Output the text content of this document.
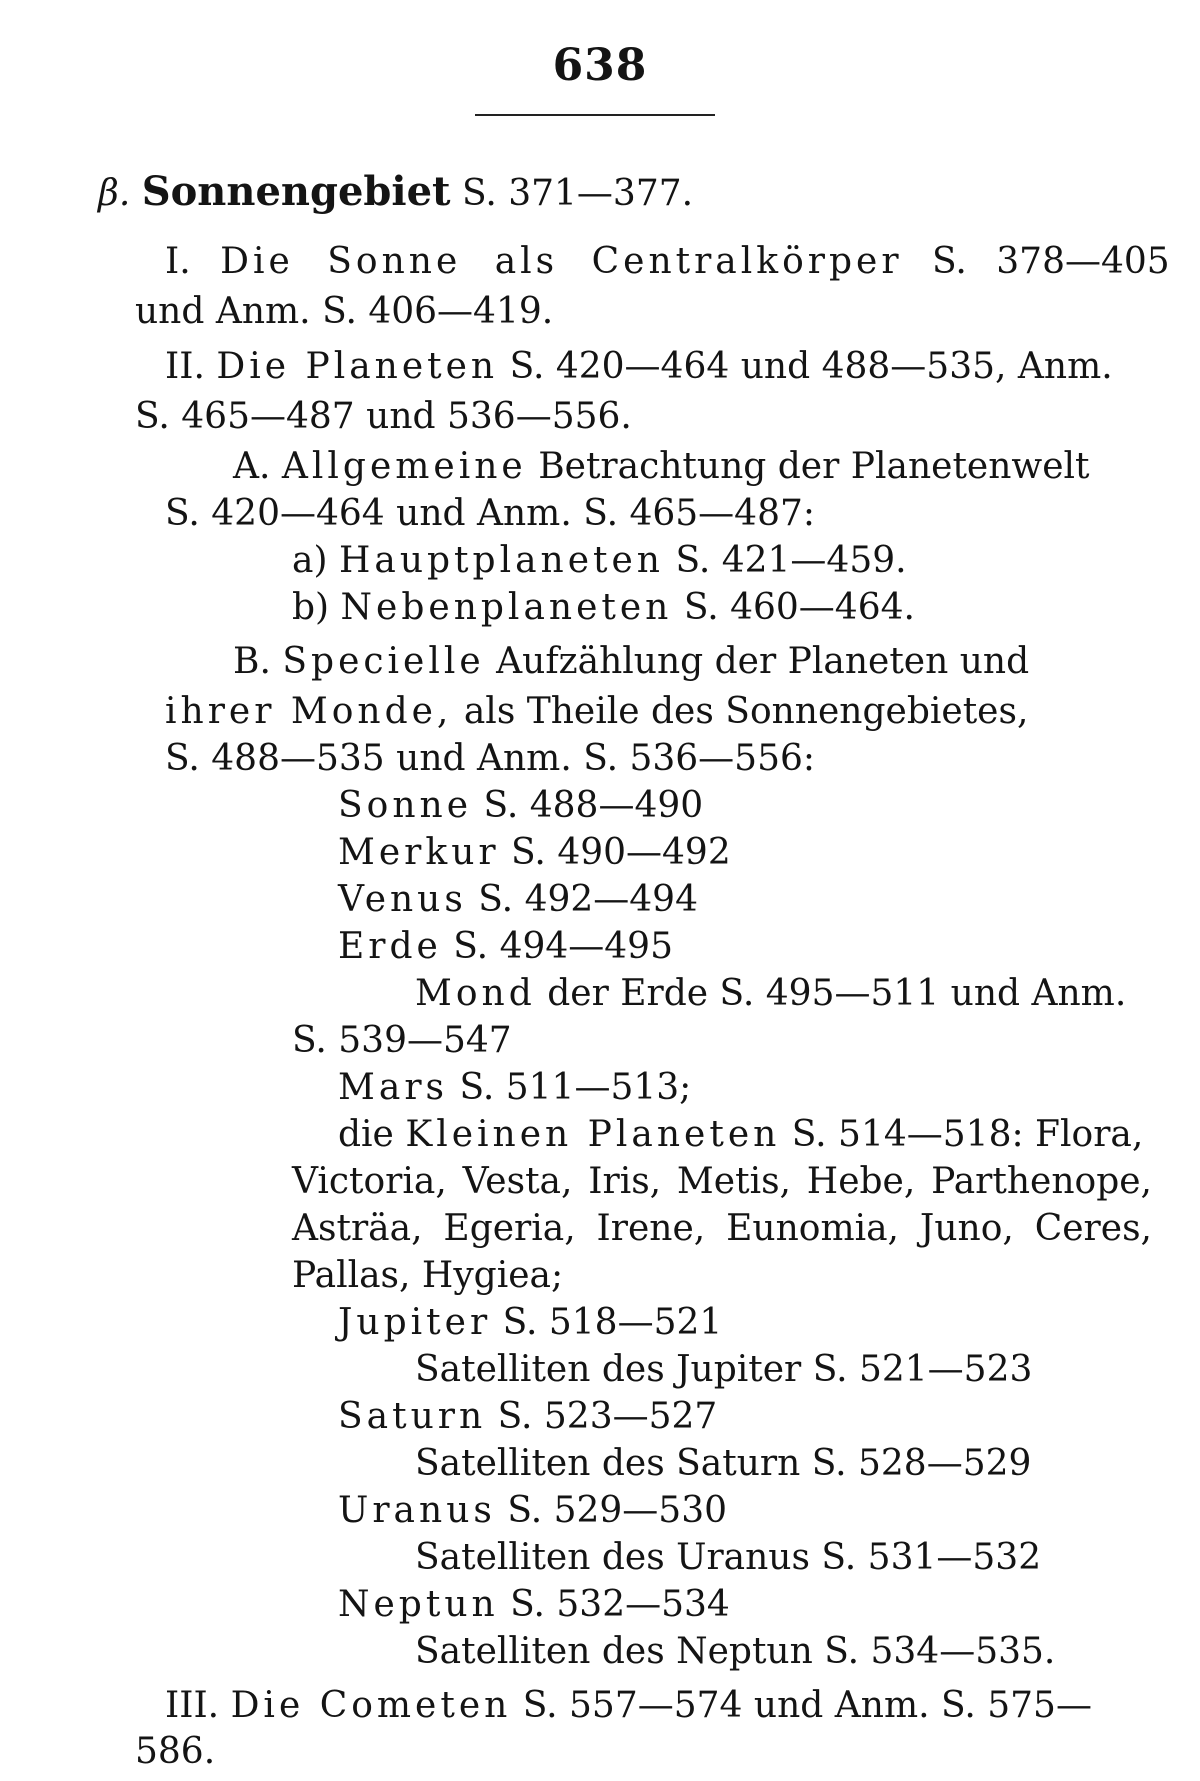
638
β. Sonnengebiet S. 371—377.
I. Die Sonne als Centralkörper S. 378—405
und Anm. S. 406—419.
II. Die Planeten S. 420—464 und 488—535, Anm.
S. 465—487 und 536—556.
A. Allgemeine Betrachtung der Planetenwelt
S. 420—464 und Anm. S. 465—487:
a) Hauptplaneten S. 421—459.
b) Nebenplaneten S. 460—464.
B. Specielle Aufzählung der Planeten und
ihrer Monde, als Theile des Sonnengebietes,
S. 488—535 und Anm. S. 536—556:
Sonne S. 488—490
Merkur S. 490—492
Venus S. 492—494
Erde S. 494—495
Mond der Erde S. 495—511 und Anm.
S. 539—547
Mars S. 511—513;
die Kleinen Planeten S. 514—518: Flora,
Victoria, Vesta, Iris, Metis, Hebe, Parthenope,
Asträa, Egeria, Irene, Eunomia, Juno, Ceres,
Pallas, Hygiea;
Jupiter S. 518—521
Satelliten des Jupiter S. 521—523
Saturn S. 523—527
Satelliten des Saturn S. 528—529
Uranus S. 529—530
Satelliten des Uranus S. 531—532
Neptun S. 532—534
Satelliten des Neptun S. 534—535.
III. Die Cometen S. 557—574 und Anm. S. 575—
586.
